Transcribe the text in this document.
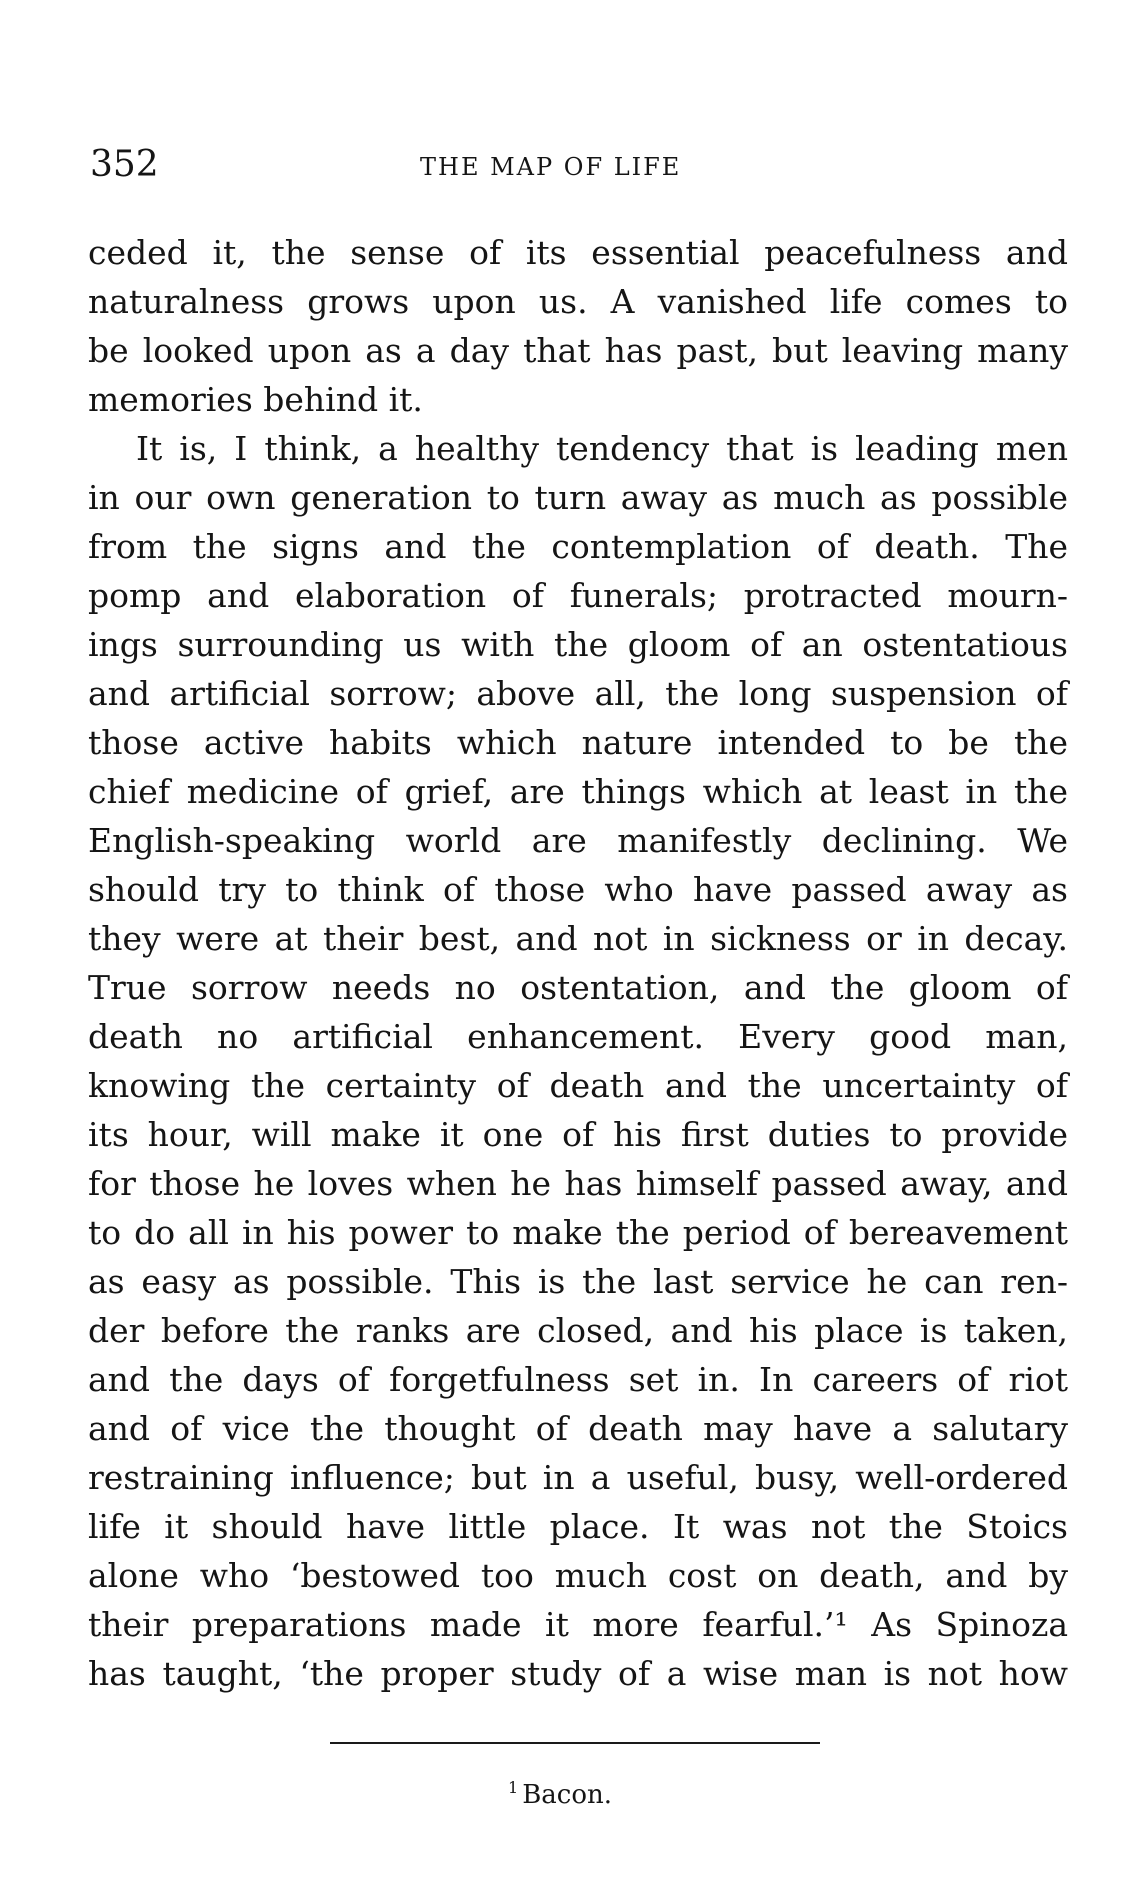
352	THE MAP OF LIFE
ceded it, the sense of its essential peacefulness and
naturalness grows upon us. A vanished life comes to
be looked upon as a day that has past, but leaving many
memories behind it.
It is, I think, a healthy tendency that is leading men
in our own generation to turn away as much as possible
from the signs and the contemplation of death. The
pomp and elaboration of funerals; protracted mourn-
ings surrounding us with the gloom of an ostentatious
and artificial sorrow; above all, the long suspension of
those active habits which nature intended to be the
chief medicine of grief, are things which at least in the
English-speaking world are manifestly declining. We
should try to think of those who have passed away as
they were at their best, and not in sickness or in decay.
True sorrow needs no ostentation, and the gloom of
death no artificial enhancement. Every good man,
knowing the certainty of death and the uncertainty of
its hour, will make it one of his first duties to provide
for those he loves when he has himself passed away, and
to do all in his power to make the period of bereavement
as easy as possible. This is the last service he can ren-
der before the ranks are closed, and his place is taken,
and the days of forgetfulness set in. In careers of riot
and of vice the thought of death may have a salutary
restraining influence; but in a useful, busy, well-ordered
life it should have little place. It was not the Stoics
alone who ‘bestowed too much cost on death, and by
their preparations made it more fearful.’¹ As Spinoza
has taught, ‘the proper study of a wise man is not how
$^1$ Bacon.
